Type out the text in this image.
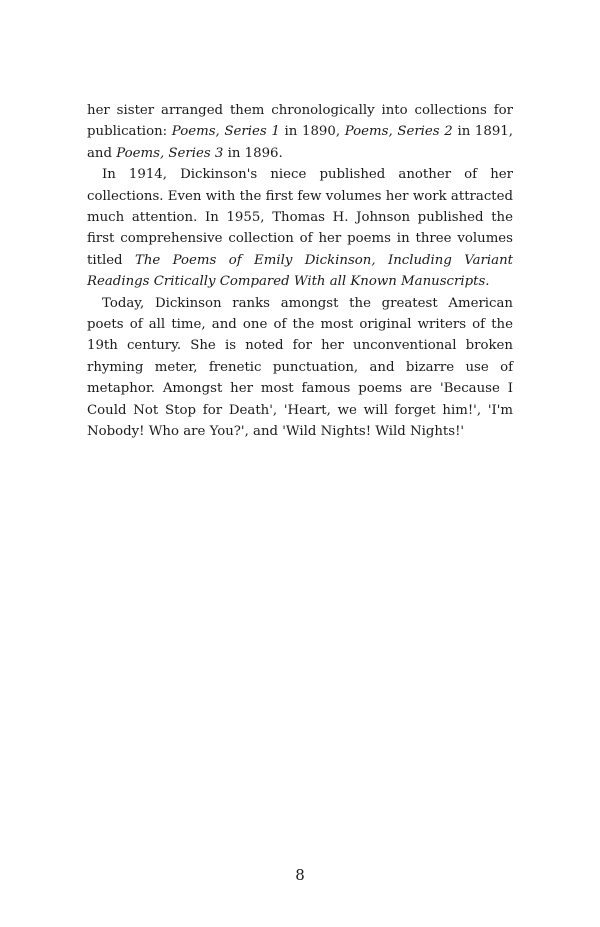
her sister arranged them chronologically into collections for publication: Poems, Series 1 in 1890, Poems, Series 2 in 1891, and Poems, Series 3 in 1896.

In 1914, Dickinson's niece published another of her collections. Even with the first few volumes her work attracted much attention. In 1955, Thomas H. Johnson published the first comprehensive collection of her poems in three volumes titled The Poems of Emily Dickinson, Including Variant Readings Critically Compared With all Known Manuscripts.

Today, Dickinson ranks amongst the greatest American poets of all time, and one of the most original writers of the 19th century. She is noted for her unconventional broken rhyming meter, frenetic punctuation, and bizarre use of metaphor. Amongst her most famous poems are 'Because I Could Not Stop for Death', 'Heart, we will forget him!', 'I'm Nobody! Who are You?', and 'Wild Nights! Wild Nights!'

8
